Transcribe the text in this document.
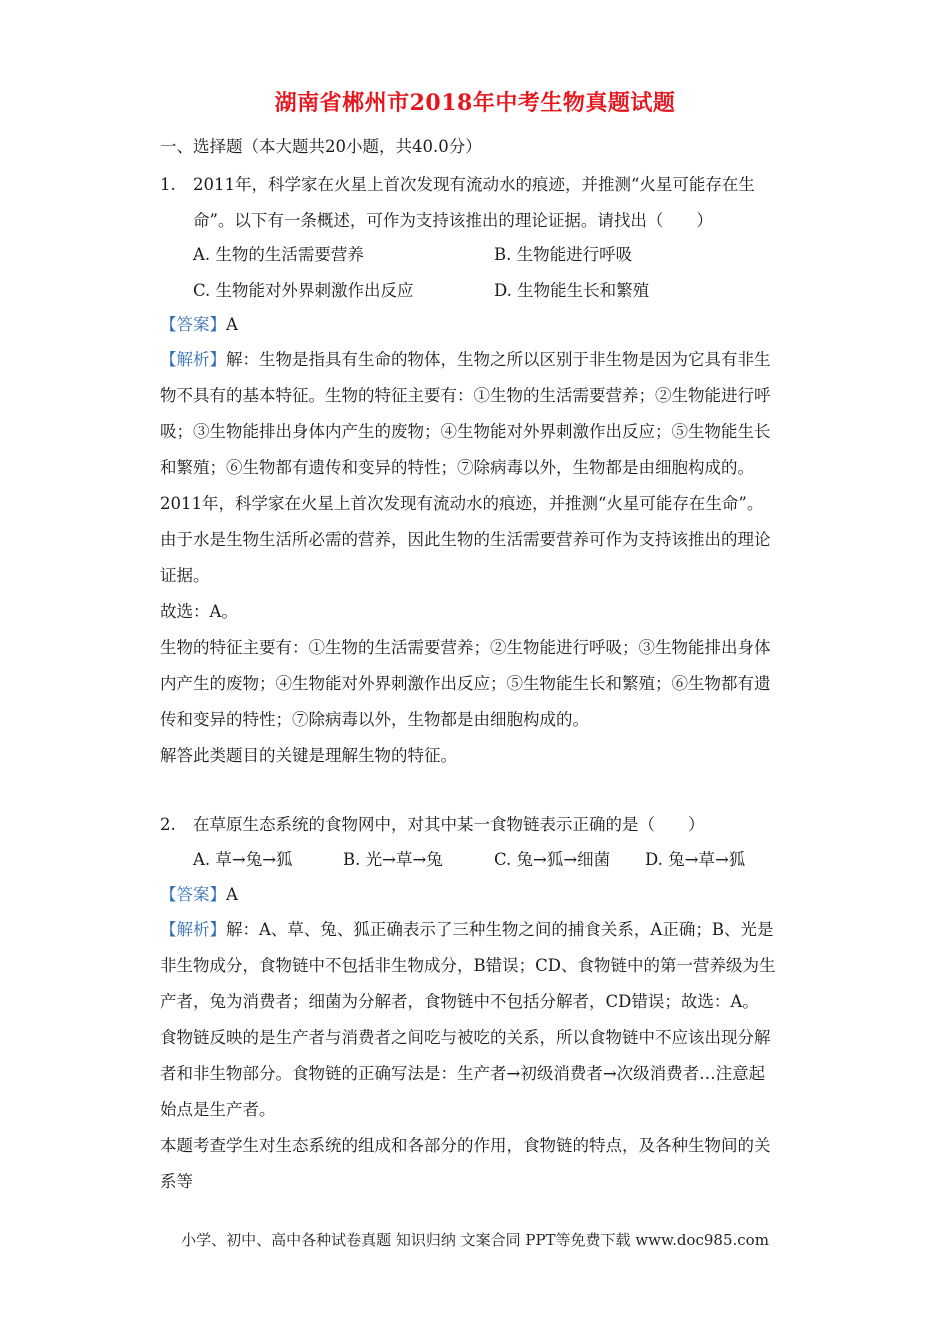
湖南省郴州市2018年中考生物真题试题
一、选择题（本大题共20小题，共40.0分）
1. 2011年，科学家在火星上首次发现有流动水的痕迹，并推测“火星可能存在生
命”。以下有一条概述，可作为支持该推出的理论证据。请找出（　　）
A. 生物的生活需要营养	B. 生物能进行呼吸
C. 生物能对外界刺激作出反应	D. 生物能生长和繁殖
【答案】A
【解析】解：生物是指具有生命的物体，生物之所以区别于非生物是因为它具有非生
物不具有的基本特征。生物的特征主要有：①生物的生活需要营养；②生物能进行呼
吸；③生物能排出身体内产生的废物；④生物能对外界刺激作出反应；⑤生物能生长
和繁殖；⑥生物都有遗传和变异的特性；⑦除病毒以外，生物都是由细胞构成的。
2011年，科学家在火星上首次发现有流动水的痕迹，并推测“火星可能存在生命”。
由于水是生物生活所必需的营养，因此生物的生活需要营养可作为支持该推出的理论
证据。
故选：A。
生物的特征主要有：①生物的生活需要营养；②生物能进行呼吸；③生物能排出身体
内产生的废物；④生物能对外界刺激作出反应；⑤生物能生长和繁殖；⑥生物都有遗
传和变异的特性；⑦除病毒以外，生物都是由细胞构成的。
解答此类题目的关键是理解生物的特征。
2. 在草原生态系统的食物网中，对其中某一食物链表示正确的是（　　）
A. 草→兔→狐	B. 光→草→兔	C. 兔→狐→细菌 D. 兔→草→狐
【答案】A
【解析】解：A、草、兔、狐正确表示了三种生物之间的捕食关系，A正确；B、光是
非生物成分，食物链中不包括非生物成分，B错误；CD、食物链中的第一营养级为生
产者，兔为消费者；细菌为分解者，食物链中不包括分解者，CD错误；故选：A。
食物链反映的是生产者与消费者之间吃与被吃的关系，所以食物链中不应该出现分解
者和非生物部分。食物链的正确写法是：生产者→初级消费者→次级消费者…注意起
始点是生产者。
本题考查学生对生态系统的组成和各部分的作用，食物链的特点，及各种生物间的关
系等
小学、初中、高中各种试卷真题 知识归纳 文案合同 PPT等免费下载 www.doc985.com
